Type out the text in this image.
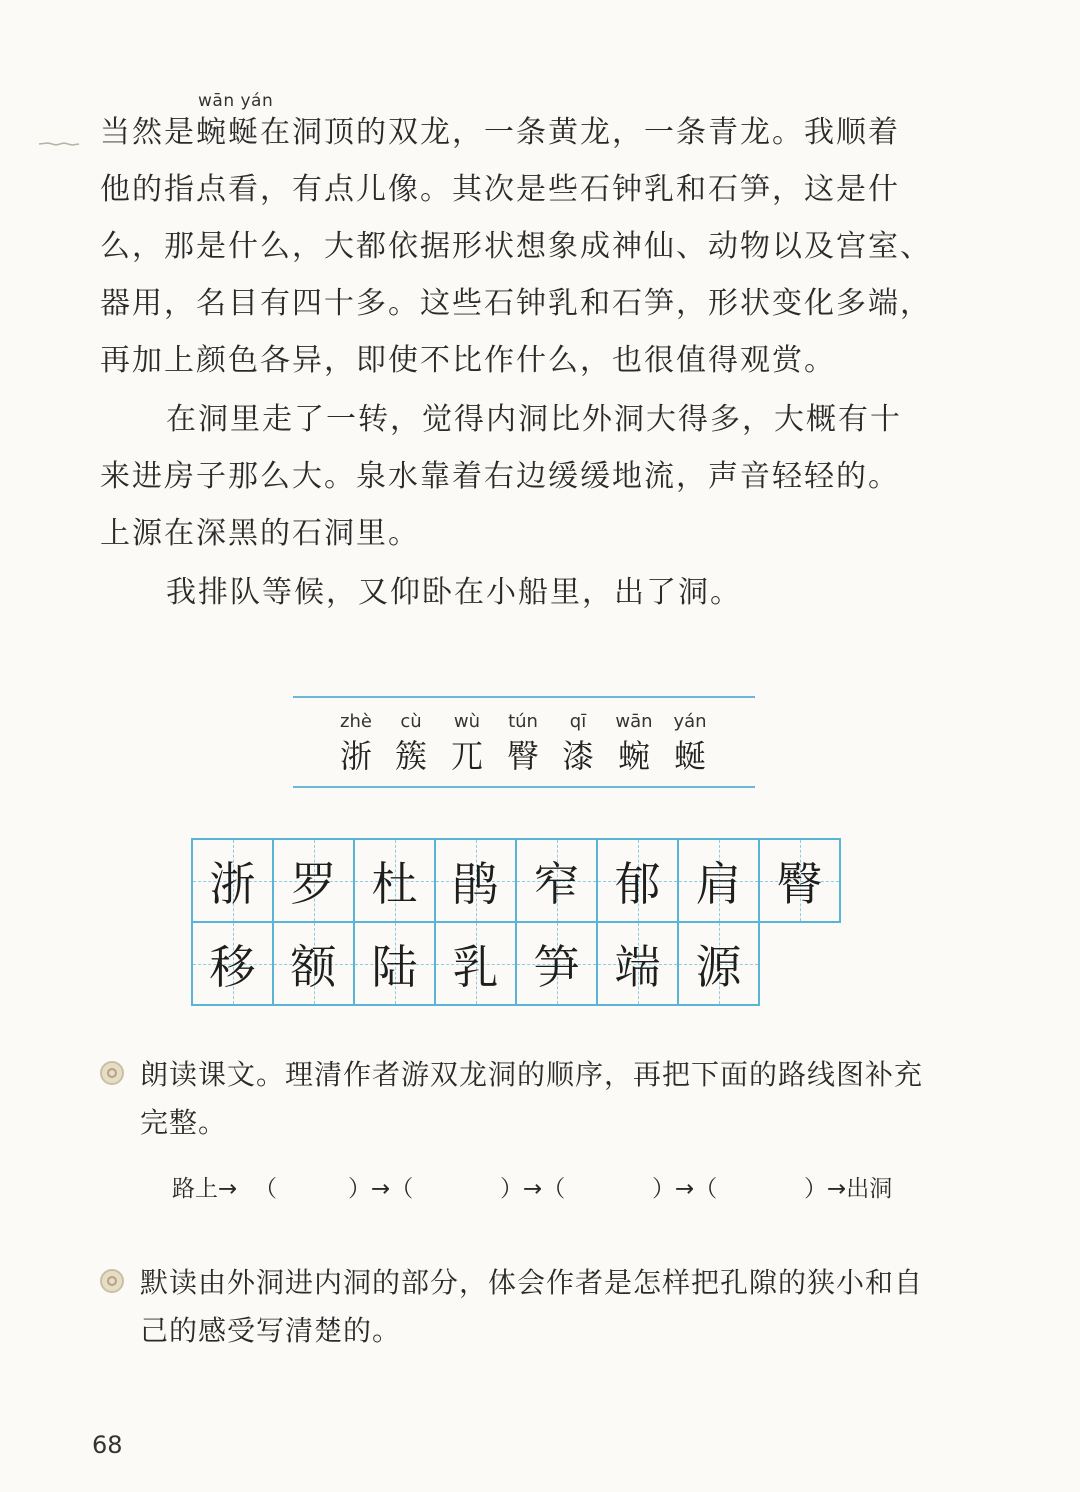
wān yán
当然是蜿蜒在洞顶的双龙，一条黄龙，一条青龙。我顺着
他的指点看，有点儿像。其次是些石钟乳和石笋，这是什
么，那是什么，大都依据形状想象成神仙、动物以及宫室、
器用，名目有四十多。这些石钟乳和石笋，形状变化多端，
再加上颜色各异，即使不比作什么，也很值得观赏。
在洞里走了一转，觉得内洞比外洞大得多，大概有十
来进房子那么大。泉水靠着右边缓缓地流，声音轻轻的。
上源在深黑的石洞里。
我排队等候，又仰卧在小船里，出了洞。
zhè
浙
cù
簇
wù
兀
tún
臀
qī
漆
wān
蜿
yán
蜒
浙 罗 杜 鹃 窄 郁 肩 臀
移 额 陆 乳 笋 端 源
朗读课文。理清作者游双龙洞的顺序，再把下面的路线图补充
完整。
路上→ （	）→（	）→（	）→（	）→出洞
默读由外洞进内洞的部分，体会作者是怎样把孔隙的狭小和自
己的感受写清楚的。
68
